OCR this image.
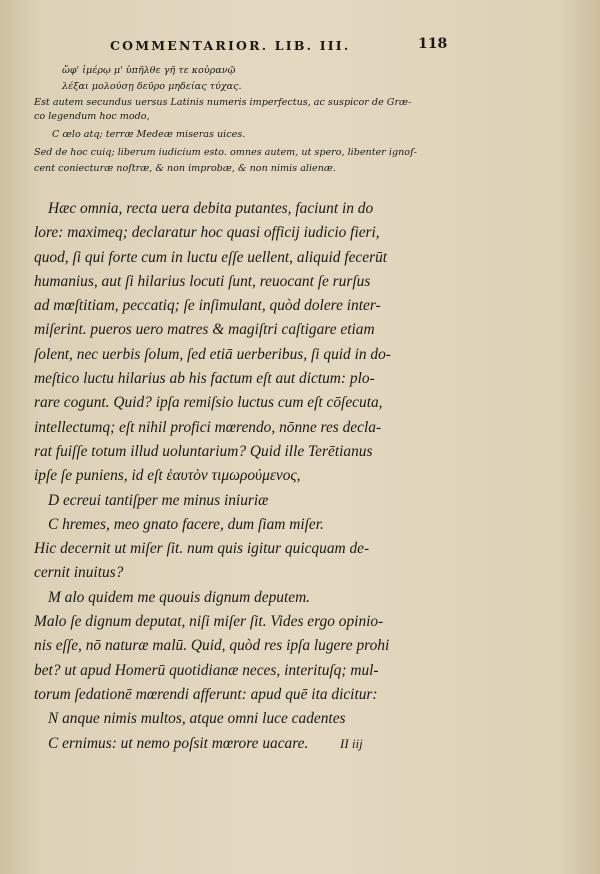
COMMENTARIOR. LIB. III.	118
ὤφ' ἱμέρῳ μ' ὑπῆλθε γῆ τε κοὐρανῷ
λέξαι μολούσῃ δεῦρο μηδείας τύχας.
Est autem secundus uersus Latinis numeris imperfectus, ac suspicor de Græ-
co legendum hoc modo,
C œlo atq; terræ Medeæ miseras uices.
Sed de hoc cuiq; liberum iudicium esto. omnes autem, ut spero, libenter ignoſ-
cent coniecturæ noſtræ, & non improbæ, & non nimis alienæ.
Hæc omnia, recta uera debita putantes, faciunt in do
lore: maximeq; declaratur hoc quasi officij iudicio fieri,
quod, ſi qui forte cum in luctu eſſe uellent, aliquid fecerūt
humanius, aut ſi hilarius locuti ſunt, reuocant ſe rurſus
ad mœſtitiam, peccatiq; ſe inſimulant, quòd dolere inter-
miſerint. pueros uero matres & magiſtri caſtigare etiam
ſolent, nec uerbis ſolum, ſed etiā uerberibus, ſi quid in do-
meſtico luctu hilarius ab his factum eſt aut dictum: plo-
rare cogunt. Quid? ipſa remiſsio luctus cum eſt cōſecuta,
intellectumq; eſt nihil profici mœrendo, nōnne res decla-
rat fuiſſe totum illud uoluntarium? Quid ille Terētianus
ipſe ſe puniens, id eſt ἑαυτὸν τιμωρούμενος,
D ecreui tantiſper me minus iniuriæ
C hremes, meo gnato facere, dum ſiam miſer.
Hic decernit ut miſer ſit. num quis igitur quicquam de-
cernit inuitus?
M alo quidem me quouis dignum deputem.
Malo ſe dignum deputat, niſi miſer ſit. Vides ergo opinio-
nis eſſe, nō naturæ malū. Quid, quòd res ipſa lugere prohi
bet? ut apud Homerū quotidianæ neces, interituſq; mul-
torum ſedationē mœrendi afferunt: apud quē ita dicitur:
N anque nimis multos, atque omni luce cadentes
C ernimus: ut nemo poſsit mœrore uacare.	II iij
